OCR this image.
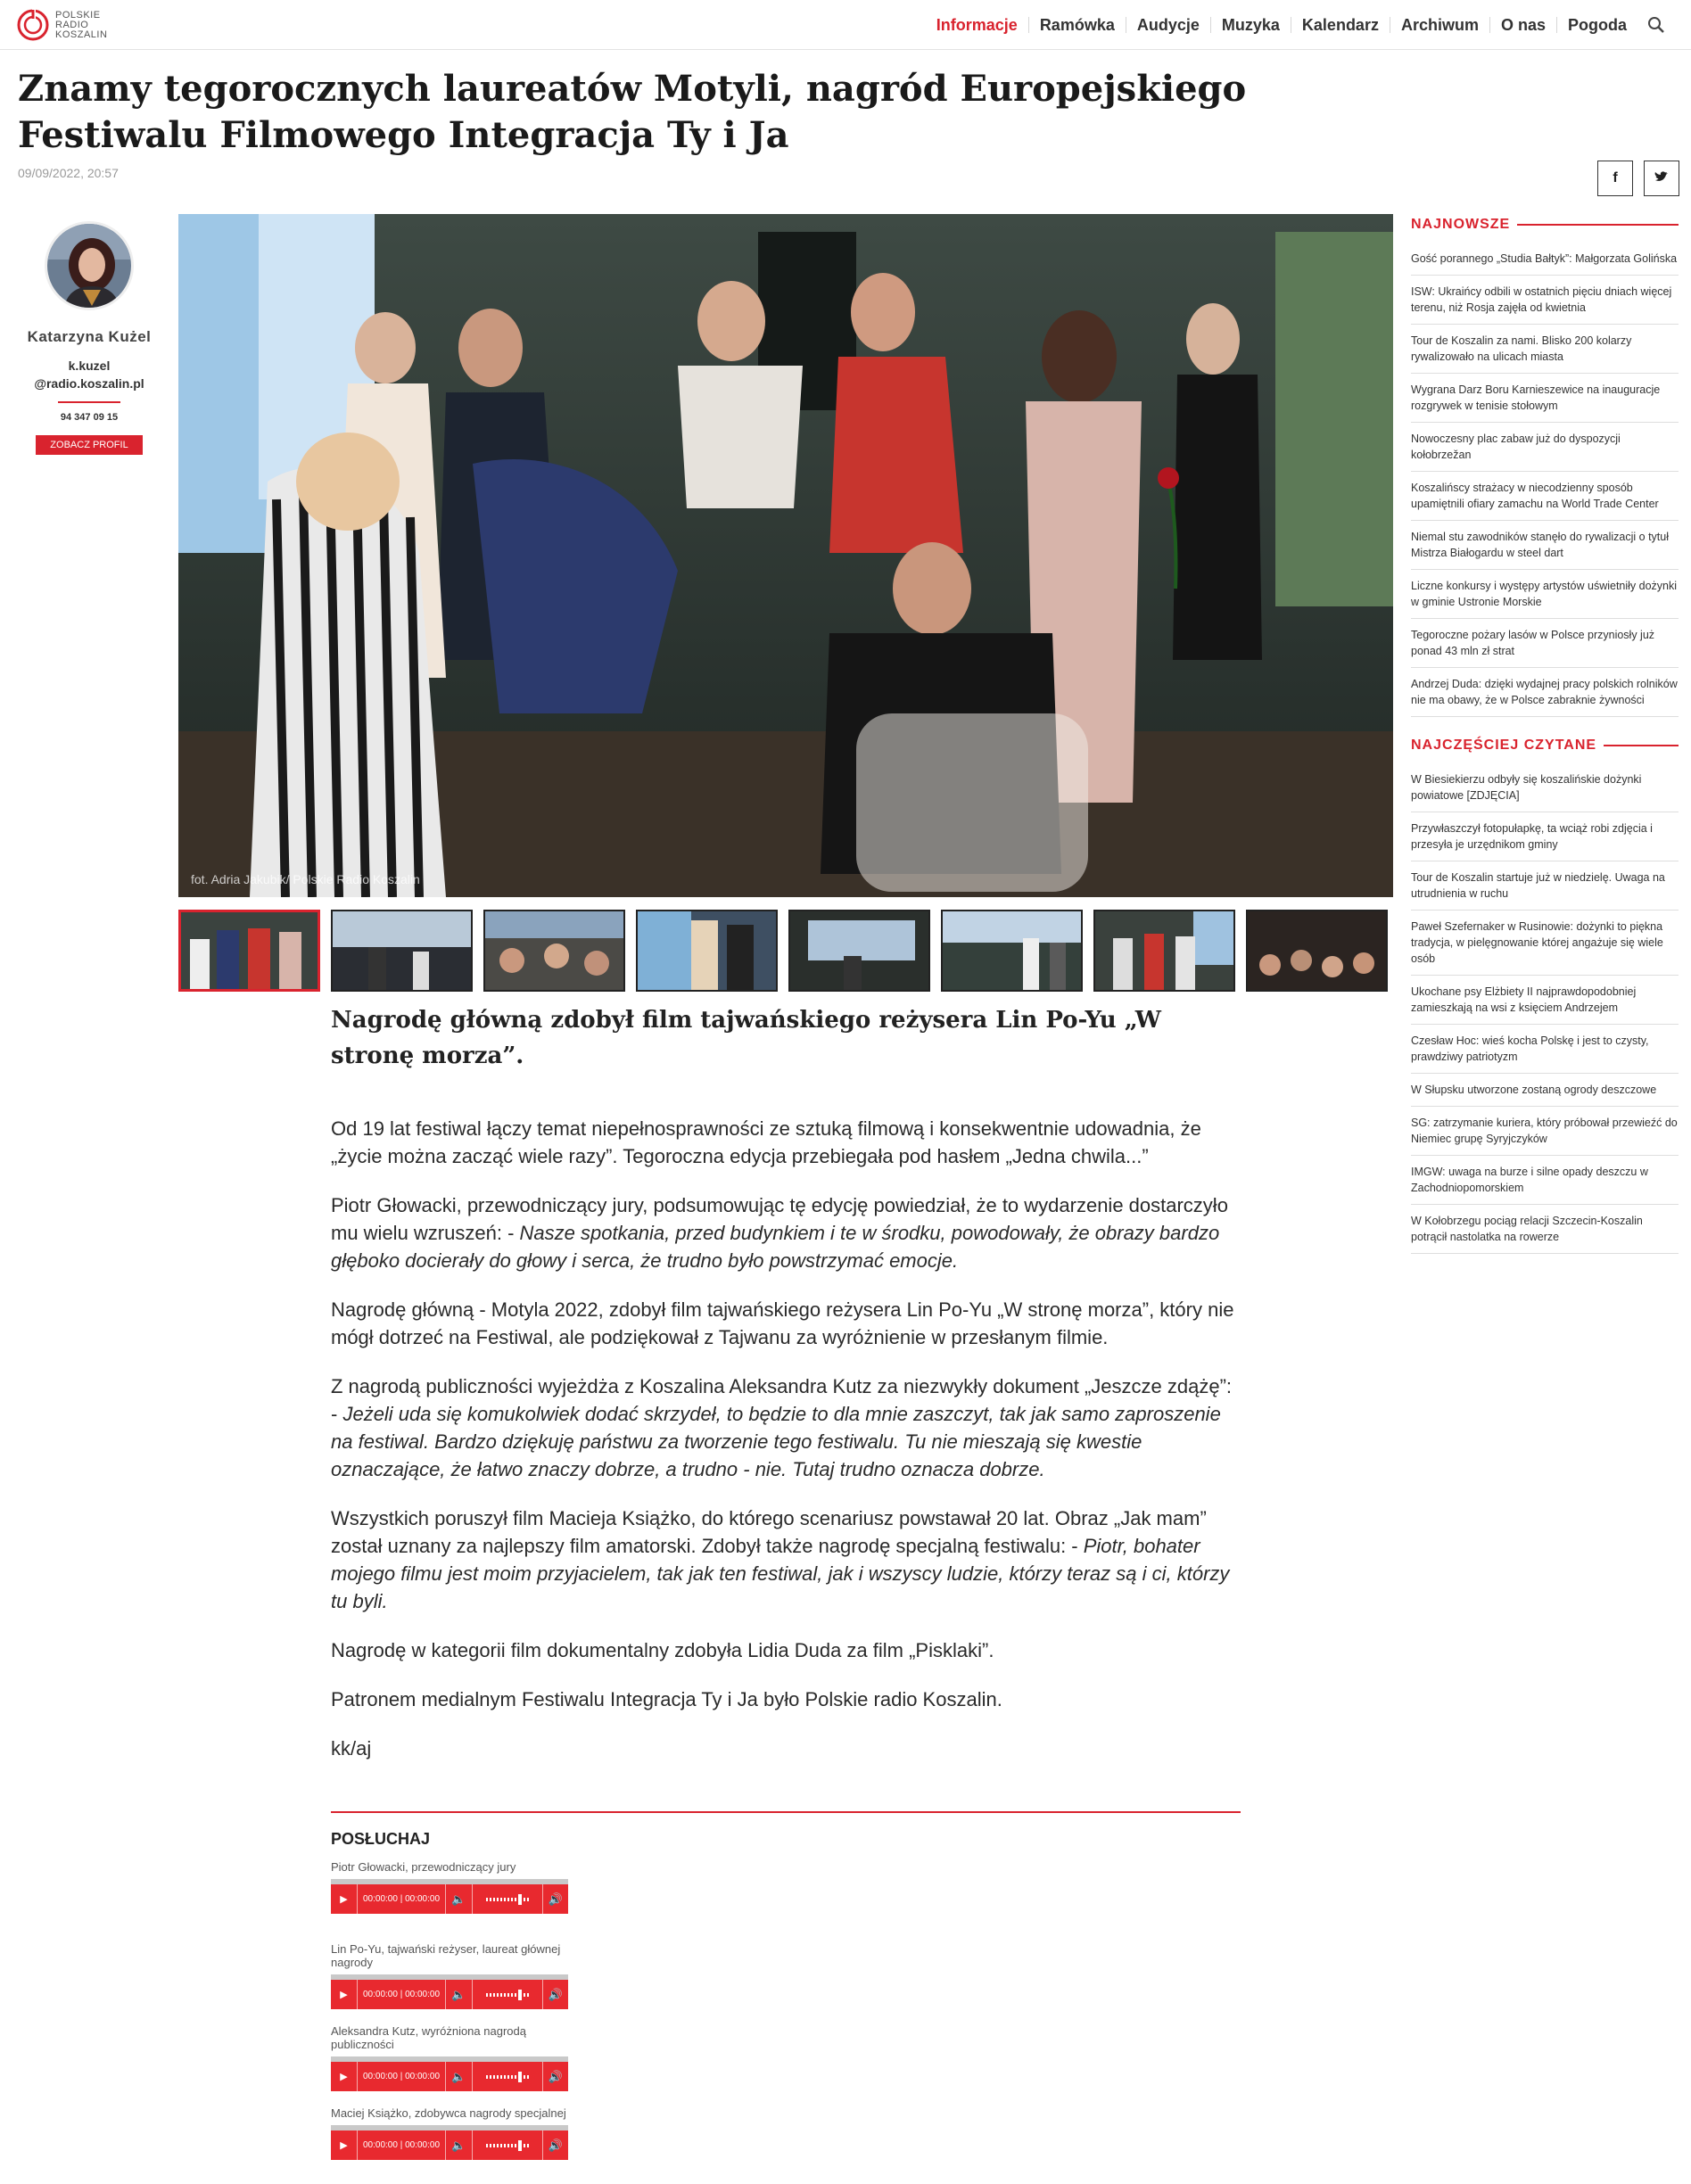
POLSKIE
RADIO
KOSZALIN
Informacje	Ramówka	Audycje	Muzyka	Kalendarz	Archiwum	O nas	Pogoda
Znamy tegorocznych laureatów Motyli, nagród Europejskiego Festiwalu Filmowego Integracja Ty i Ja
09/09/2022, 20:57	f
Katarzyna Kużel
k.kuzel
@radio.koszalin.pl
94 347 09 15
ZOBACZ PROFIL
fot. Adria Jakubik/ Polskie Radio Koszalin
Nagrodę główną zdobył film tajwańskiego reżysera Lin Po-Yu „W stronę morza”.

Od 19 lat festiwal łączy temat niepełnosprawności ze sztuką filmową i konsekwentnie udowadnia, że „życie można zacząć wiele razy”. Tegoroczna edycja przebiegała pod hasłem „Jedna chwila...”

Piotr Głowacki, przewodniczący jury, podsumowując tę edycję powiedział, że to wydarzenie dostarczyło mu wielu wzruszeń: - Nasze spotkania, przed budynkiem i te w środku, powodowały, że obrazy bardzo głęboko docierały do głowy i serca, że trudno było powstrzymać emocje.

Nagrodę główną - Motyla 2022, zdobył film tajwańskiego reżysera Lin Po-Yu „W stronę morza”, który nie mógł dotrzeć na Festiwal, ale podziękował z Tajwanu za wyróżnienie w przesłanym filmie.

Z nagrodą publiczności wyjeżdża z Koszalina Aleksandra Kutz za niezwykły dokument „Jeszcze zdążę”: - Jeżeli uda się komukolwiek dodać skrzydeł, to będzie to dla mnie zaszczyt, tak jak samo zaproszenie na festiwal. Bardzo dziękuję państwu za tworzenie tego festiwalu. Tu nie mieszają się kwestie oznaczające, że łatwo znaczy dobrze, a trudno - nie. Tutaj trudno oznacza dobrze.

Wszystkich poruszył film Macieja Książko, do którego scenariusz powstawał 20 lat. Obraz „Jak mam” został uznany za najlepszy film amatorski. Zdobył także nagrodę specjalną festiwalu: - Piotr, bohater mojego filmu jest moim przyjacielem, tak jak ten festiwal, jak i wszyscy ludzie, którzy teraz są i ci, którzy tu byli.

Nagrodę w kategorii film dokumentalny zdobyła Lidia Duda za film „Pisklaki”.

Patronem medialnym Festiwalu Integracja Ty i Ja było Polskie radio Koszalin.

kk/aj

POSŁUCHAJ
Piotr Głowacki, przewodniczący jury
▶	00:00:00 | 00:00:00	🔈	🔊
Lin Po-Yu, tajwański reżyser, laureat głównej nagrody
▶	00:00:00 | 00:00:00	🔈	🔊
Aleksandra Kutz, wyróżniona nagrodą publiczności
▶	00:00:00 | 00:00:00	🔈	🔊
Maciej Książko, zdobywca nagrody specjalnej
▶	00:00:00 | 00:00:00	🔈	🔊
NAJNOWSZE
Gość porannego „Studia Bałtyk”: Małgorzata Golińska
ISW: Ukraińcy odbili w ostatnich pięciu dniach więcej terenu, niż Rosja zajęła od kwietnia
Tour de Koszalin za nami. Blisko 200 kolarzy rywalizowało na ulicach miasta
Wygrana Darz Boru Karnieszewice na inauguracje rozgrywek w tenisie stołowym
Nowoczesny plac zabaw już do dyspozycji kołobrzežan
Koszalińscy strażacy w niecodzienny sposób upamiętnili ofiary zamachu na World Trade Center
Niemal stu zawodników stanęło do rywalizacji o tytuł Mistrza Białogardu w steel dart
Liczne konkursy i występy artystów uświetniły dożynki w gminie Ustronie Morskie
Tegoroczne pożary lasów w Polsce przyniosły już ponad 43 mln zł strat
Andrzej Duda: dzięki wydajnej pracy polskich rolników nie ma obawy, że w Polsce zabraknie żywności
NAJCZĘŚCIEJ CZYTANE
W Biesiekierzu odbyły się koszalińskie dożynki powiatowe [ZDJĘCIA]
Przywłaszczył fotopułapkę, ta wciąż robi zdjęcia i przesyła je urzędnikom gminy
Tour de Koszalin startuje już w niedzielę. Uwaga na utrudnienia w ruchu
Paweł Szefernaker w Rusinowie: dożynki to piękna tradycja, w pielęgnowanie której angażuje się wiele osób
Ukochane psy Elżbiety II najprawdopodobniej zamieszkają na wsi z księciem Andrzejem
Czesław Hoc: wieś kocha Polskę i jest to czysty, prawdziwy patriotyzm
W Słupsku utworzone zostaną ogrody deszczowe
SG: zatrzymanie kuriera, który próbował przewieźć do Niemiec grupę Syryjczyków
IMGW: uwaga na burze i silne opady deszczu w Zachodniopomorskiem
W Kołobrzegu pociąg relacji Szczecin-Koszalin potrącił nastolatka na rowerze
